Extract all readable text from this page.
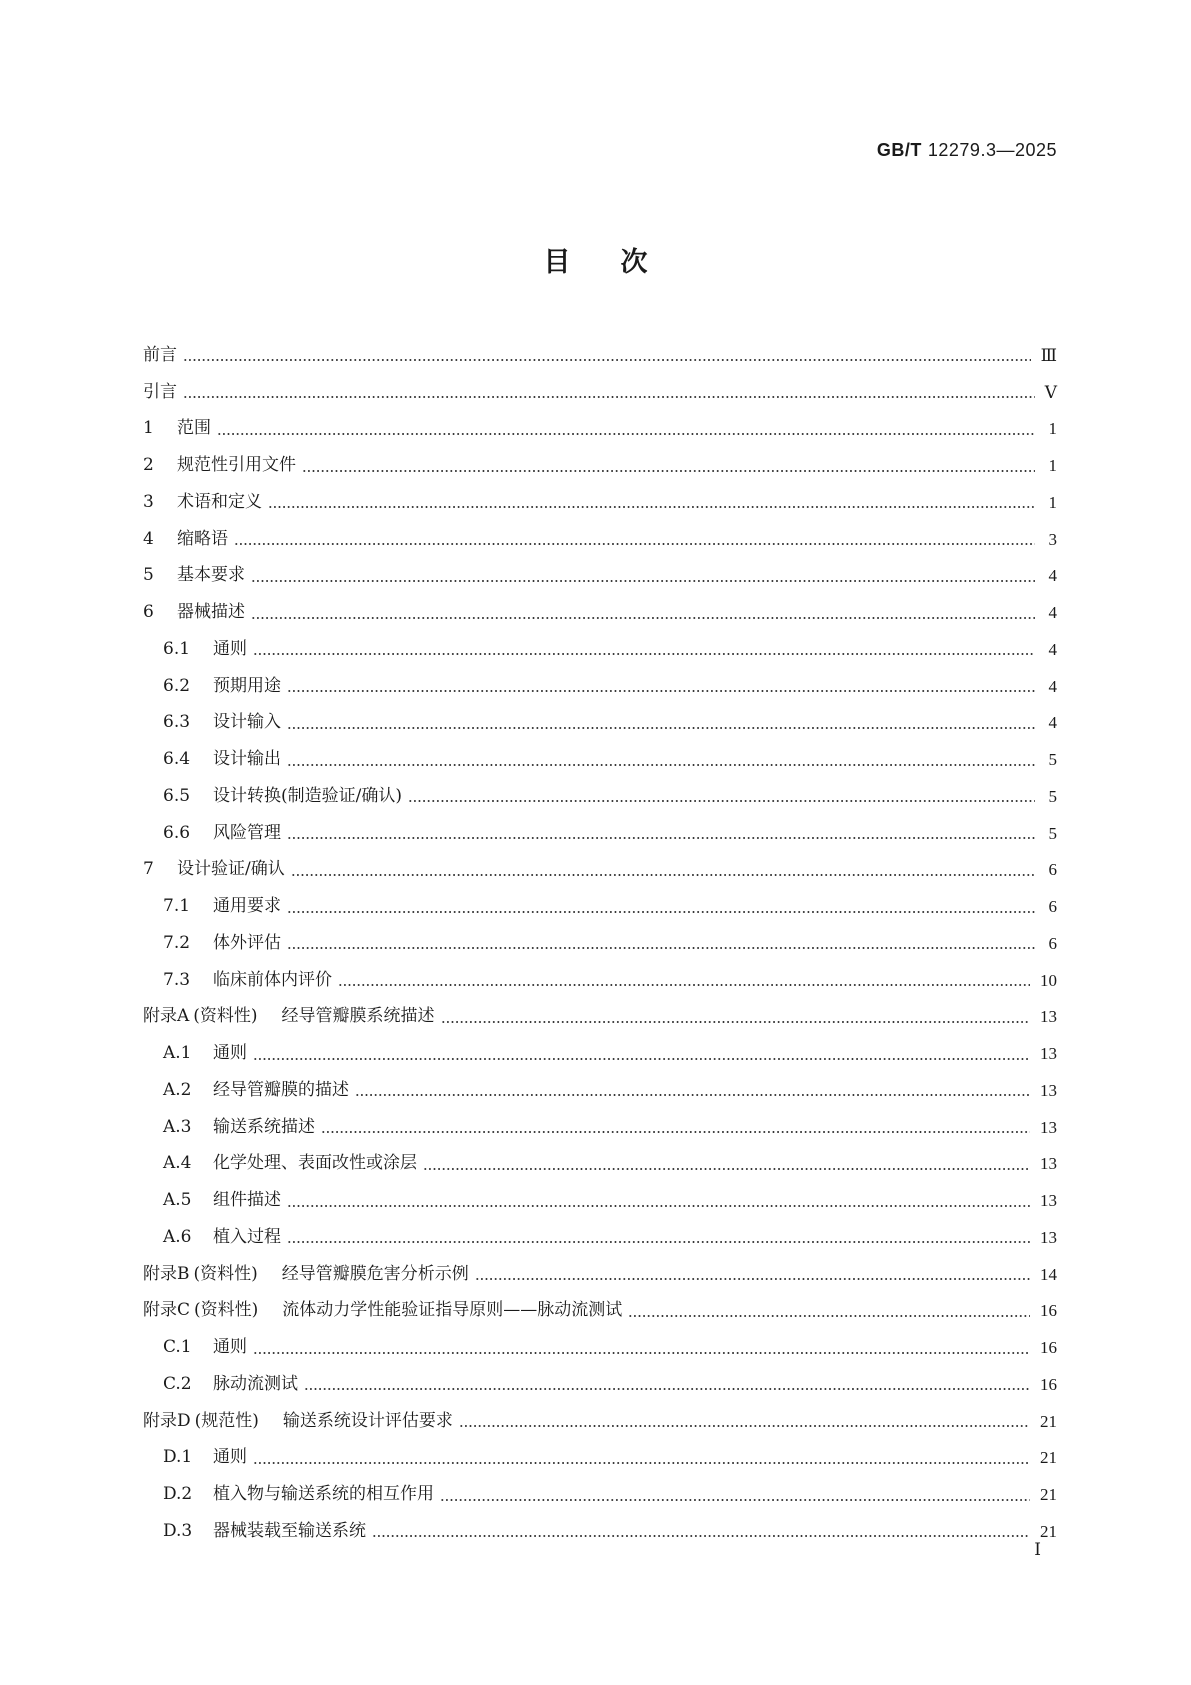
GB/T 12279.3—2025
目次
前言	Ⅲ
引言	Ⅴ
1 范围	1
2 规范性引用文件	1
3 术语和定义	1
4 缩略语	3
5 基本要求	4
6 器械描述	4
6.1 通则	4
6.2 预期用途	4
6.3 设计输入	4
6.4 设计输出	5
6.5 设计转换(制造验证/确认)	5
6.6 风险管理	5
7 设计验证/确认	6
7.1 通用要求	6
7.2 体外评估	6
7.3 临床前体内评价	10
附录A (资料性) 经导管瓣膜系统描述	13
A.1 通则	13
A.2 经导管瓣膜的描述	13
A.3 输送系统描述	13
A.4 化学处理、表面改性或涂层	13
A.5 组件描述	13
A.6 植入过程	13
附录B (资料性) 经导管瓣膜危害分析示例	14
附录C (资料性) 流体动力学性能验证指导原则——脉动流测试	16
C.1 通则	16
C.2 脉动流测试	16
附录D (规范性) 输送系统设计评估要求	21
D.1 通则	21
D.2 植入物与输送系统的相互作用	21
D.3 器械装载至输送系统	21
Ⅰ
